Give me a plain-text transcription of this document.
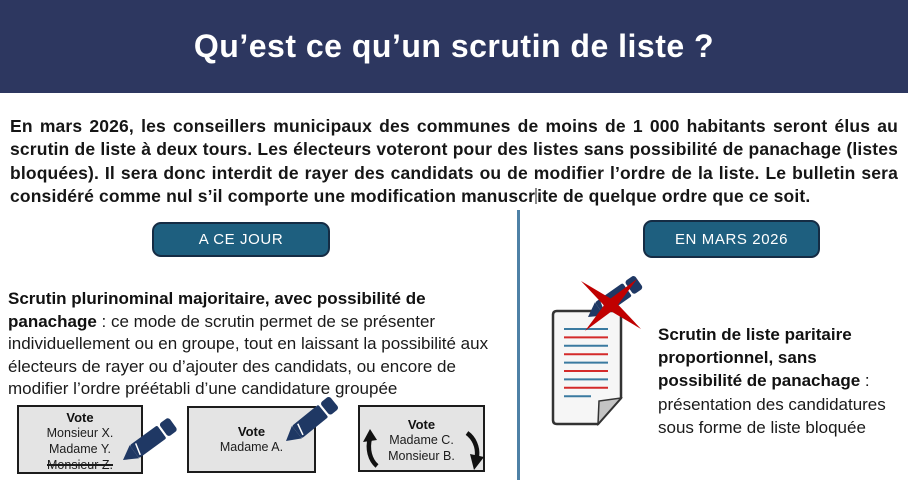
Qu’est ce qu’un scrutin de liste ?

En mars 2026, les conseillers municipaux des communes de moins de 1 000 habitants seront élus au scrutin de liste à deux tours. Les électeurs voteront pour des listes sans possibilité de panachage (listes bloquées). Il sera donc interdit de rayer des candidats ou de modifier l’ordre de la liste. Le bulletin sera considéré comme nul s’il comporte une modification manuscr ite de quelque ordre que ce soit.

A CE JOUR	EN MARS 2026

Scrutin plurinominal majoritaire, avec possibilité de panachage : ce mode de scrutin permet de se présenter individuellement ou en groupe, tout en laissant la possibilité aux électeurs de rayer ou d’ajouter des candidats, ou encore de modifier l’ordre préétabli d’une candidature groupée

Vote
Monsieur X.
Madame Y.
Monsieur Z.
Vote
Madame A.
Vote
Madame C.
Monsieur B.

Scrutin de liste paritaire proportionnel, sans possibilité de panachage : présentation des candidatures sous forme de liste bloquée
